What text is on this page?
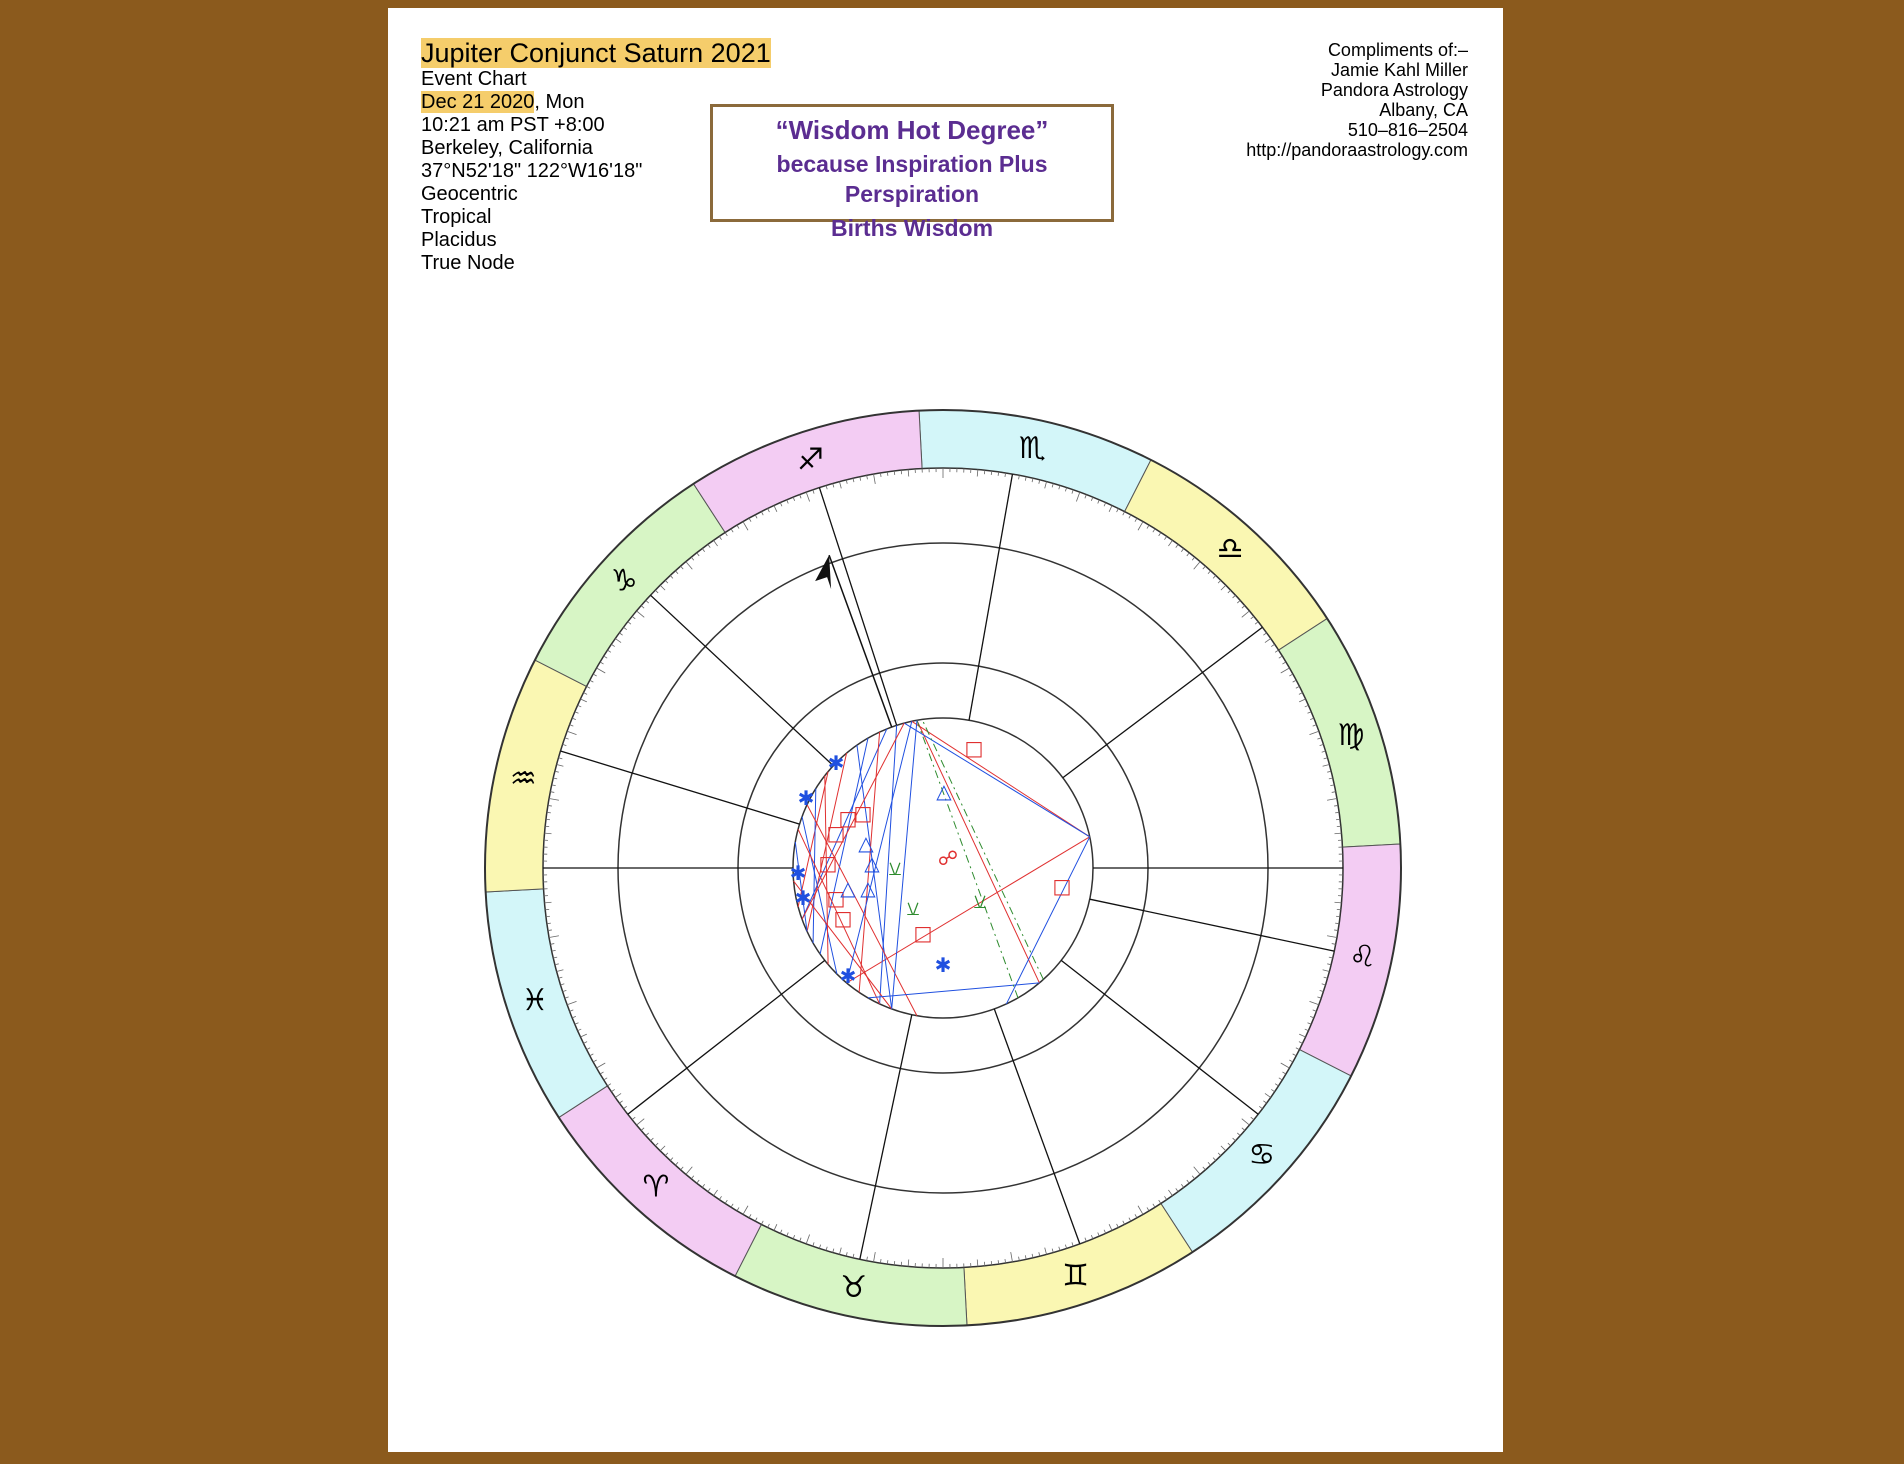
Jupiter Conjunct Saturn 2021
Event Chart
Dec 21 2020, Mon
10:21 am PST +8:00
Berkeley, California
37°N52'18" 122°W16'18"
Geocentric
Tropical
Placidus
True Node
Compliments of:–
Jamie Kahl Miller
Pandora Astrology
Albany, CA
510–816–2504
http://pandoraastrology.com
“Wisdom Hot Degree”
because Inspiration Plus Perspiration
Births Wisdom
♏
♎
♍
♌
♋
♊
♉
♈
♓
♒
♑
♐
□
△
□
✱
□
☍
⚺
⚺	⚺
✱
□
□
□
□
□
□
△
△
△
△
✱
✱
✱
✱
